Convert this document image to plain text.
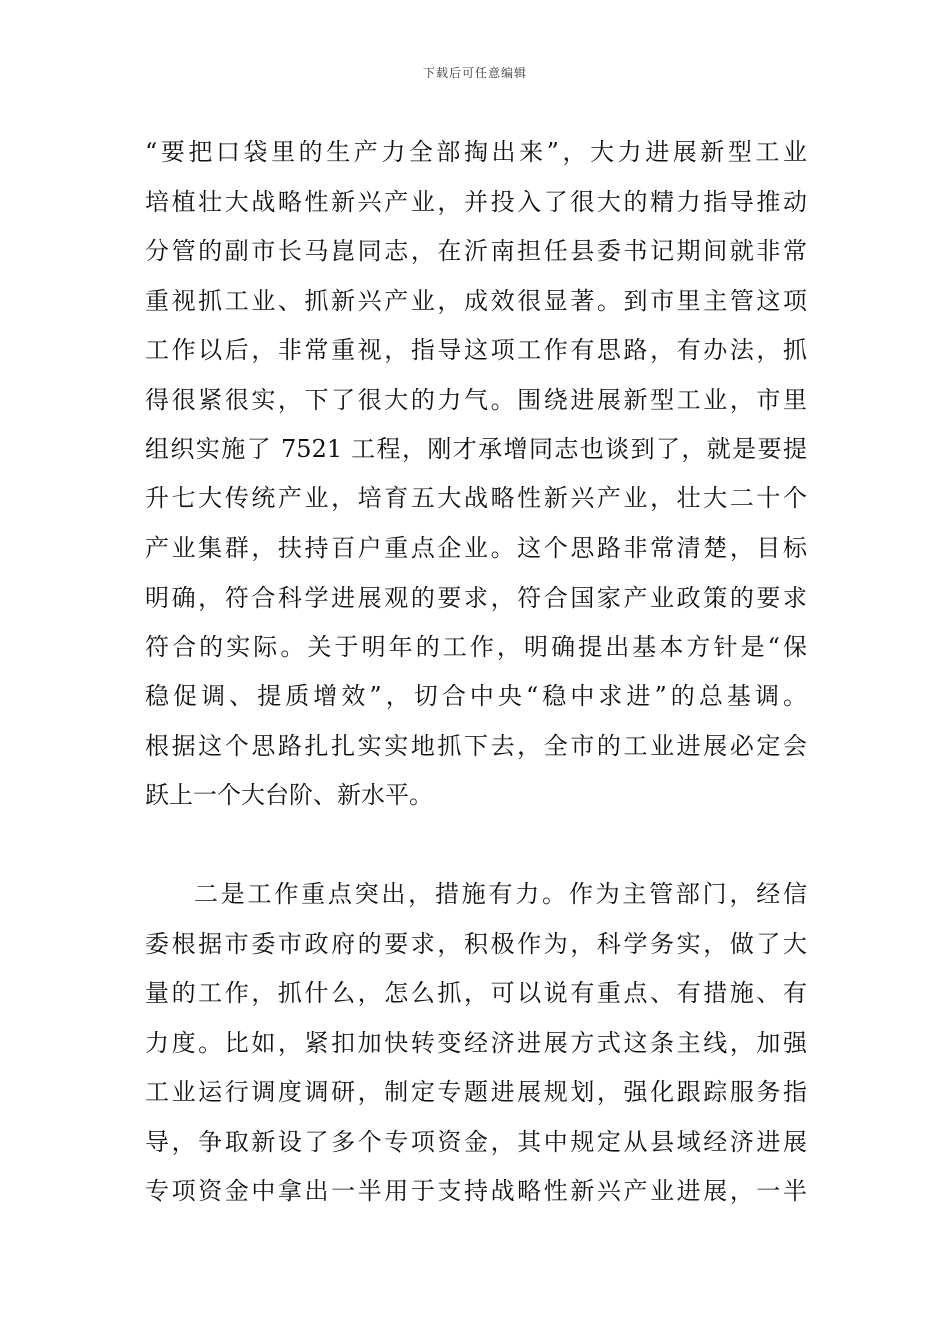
下载后可任意编辑
“要把口袋里的生产力全部掏出来”，大力进展新型工业
培植壮大战略性新兴产业，并投入了很大的精力指导推动
分管的副市长马崑同志，在沂南担任县委书记期间就非常
重视抓工业、抓新兴产业，成效很显著。到市里主管这项
工作以后，非常重视，指导这项工作有思路，有办法，抓
得很紧很实，下了很大的力气。围绕进展新型工业，市里
组织实施了 7521 工程，刚才承增同志也谈到了，就是要提
升七大传统产业，培育五大战略性新兴产业，壮大二十个
产业集群，扶持百户重点企业。这个思路非常清楚，目标
明确，符合科学进展观的要求，符合国家产业政策的要求
符合的实际。关于明年的工作，明确提出基本方针是“保
稳促调、提质增效”，切合中央“稳中求进”的总基调。
根据这个思路扎扎实实地抓下去，全市的工业进展必定会
跃上一个大台阶、新水平。
二是工作重点突出，措施有力。作为主管部门，经信
委根据市委市政府的要求，积极作为，科学务实，做了大
量的工作，抓什么，怎么抓，可以说有重点、有措施、有
力度。比如，紧扣加快转变经济进展方式这条主线，加强
工业运行调度调研，制定专题进展规划，强化跟踪服务指
导，争取新设了多个专项资金，其中规定从县域经济进展
专项资金中拿出一半用于支持战略性新兴产业进展，一半
